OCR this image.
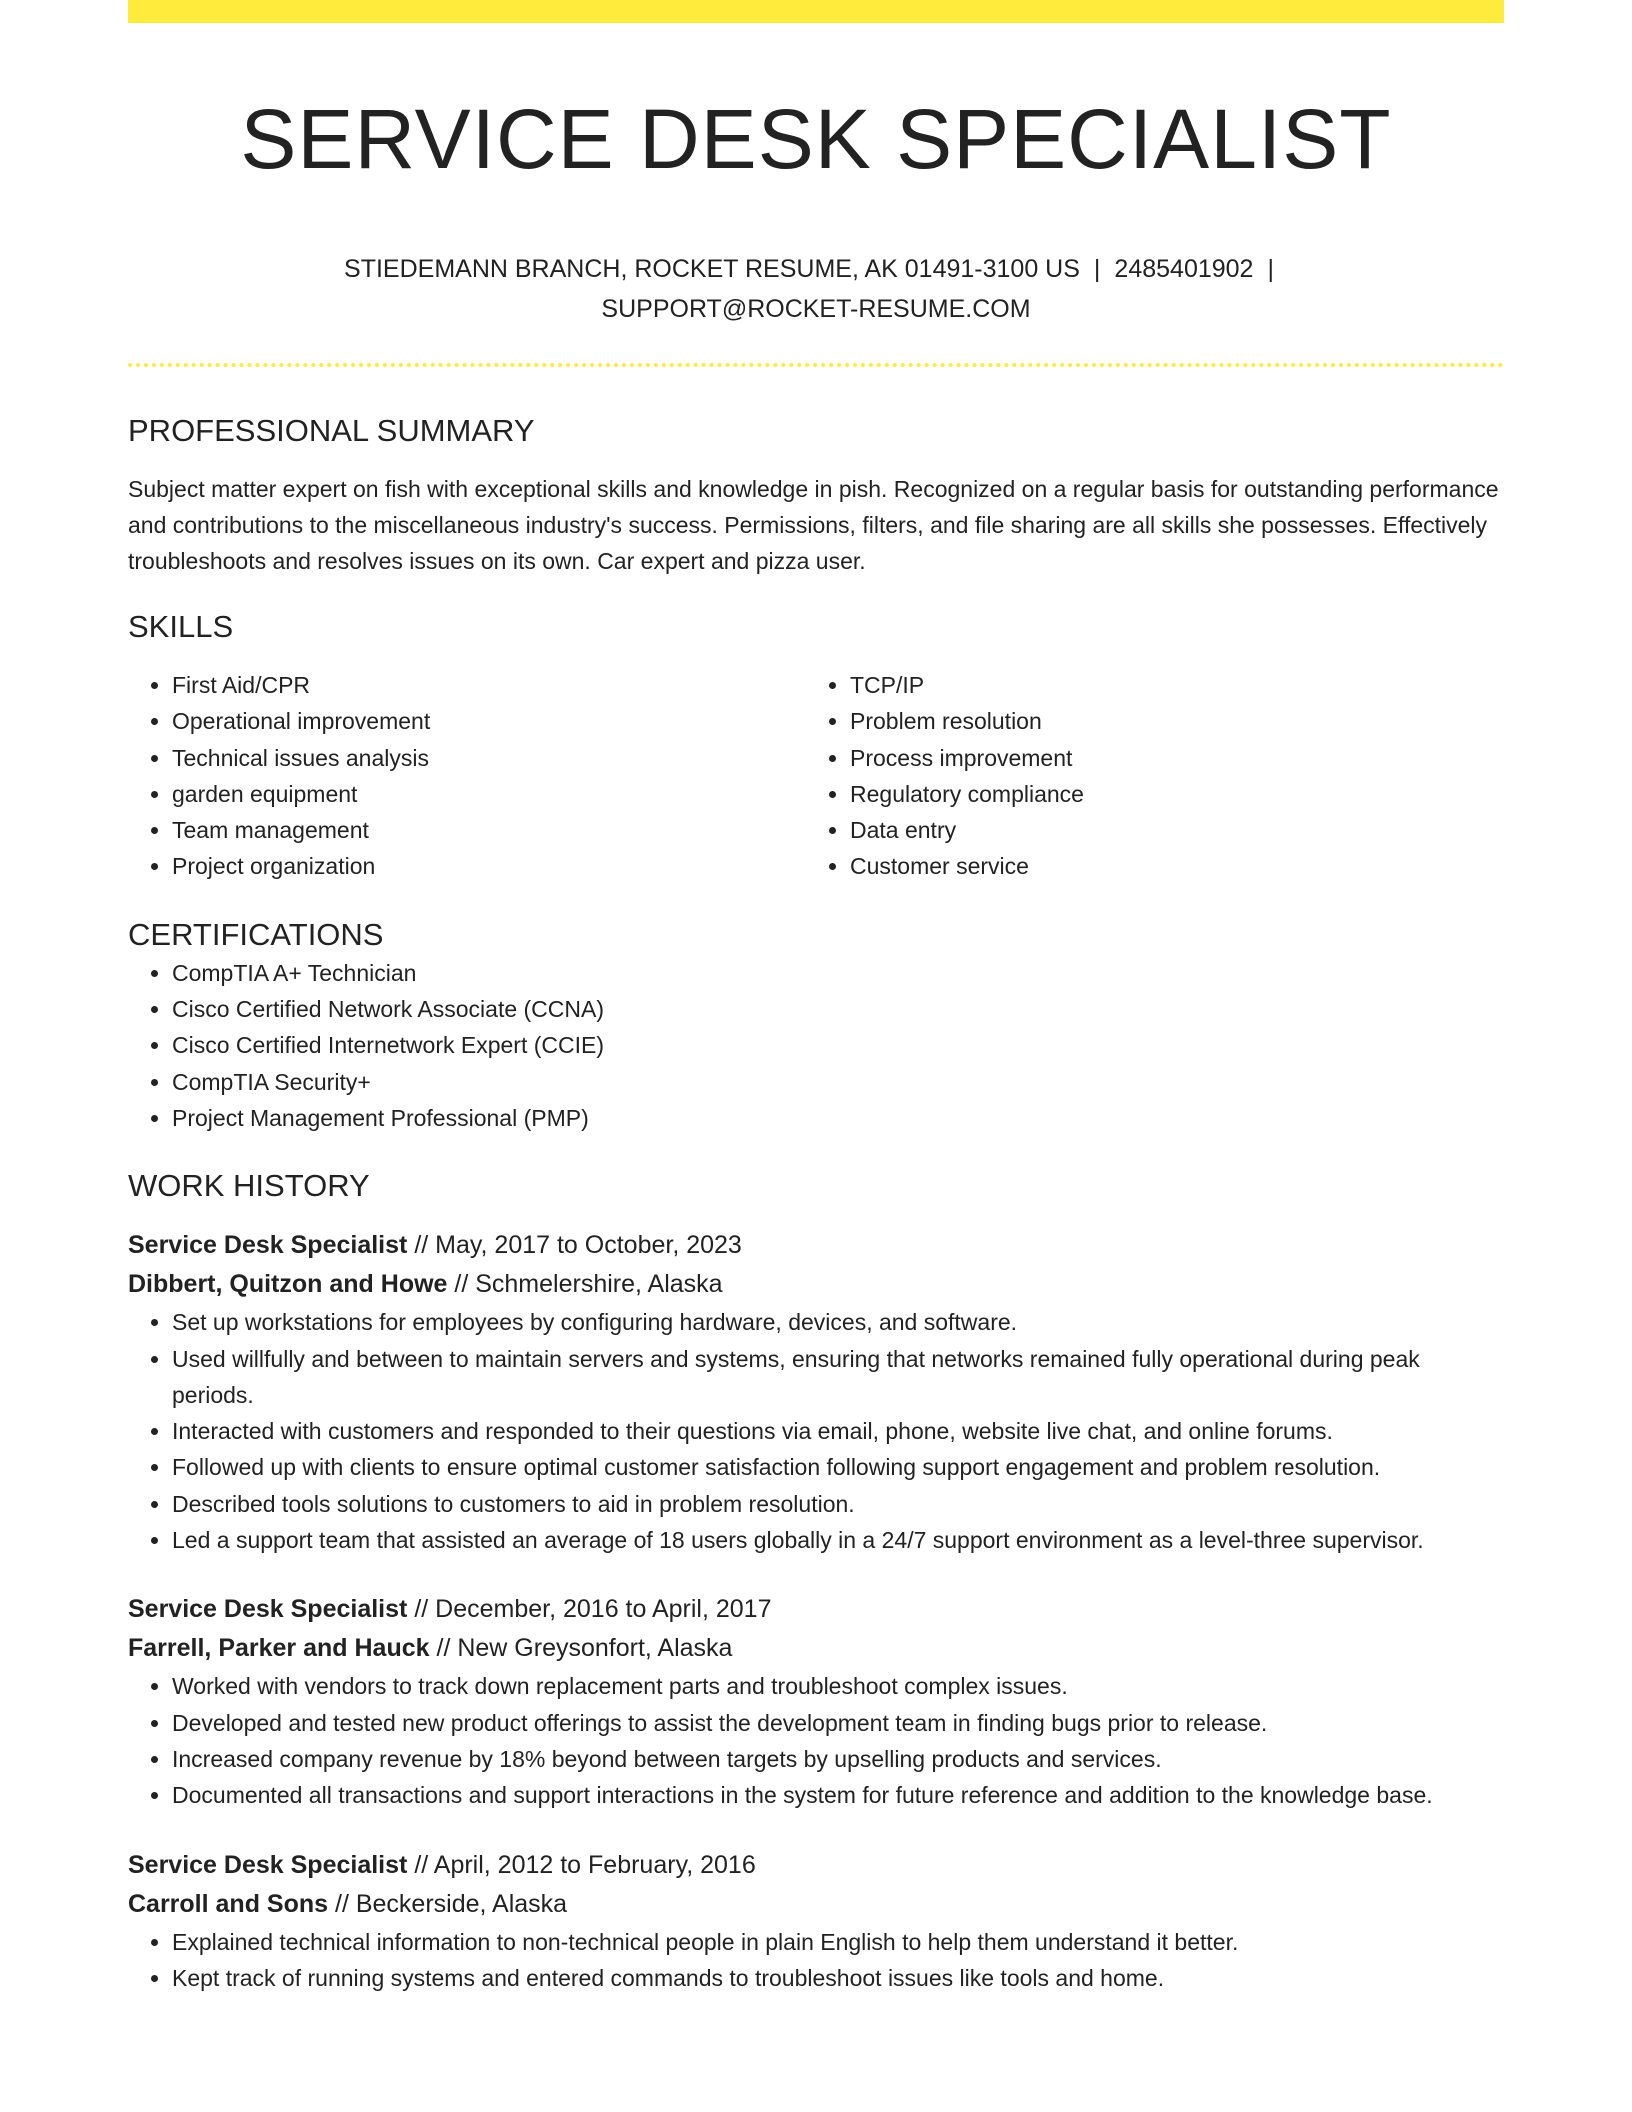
SERVICE DESK SPECIALIST
STIEDEMANN BRANCH, ROCKET RESUME, AK 01491-3100 US | 2485401902 |
SUPPORT@ROCKET-RESUME.COM
PROFESSIONAL SUMMARY
Subject matter expert on fish with exceptional skills and knowledge in pish. Recognized on a regular basis for outstanding performance and contributions to the miscellaneous industry's success. Permissions, filters, and file sharing are all skills she possesses. Effectively troubleshoots and resolves issues on its own. Car expert and pizza user.
SKILLS
• First Aid/CPR
• Operational improvement
• Technical issues analysis
• garden equipment
• Team management
• Project organization
• TCP/IP
• Problem resolution
• Process improvement
• Regulatory compliance
• Data entry
• Customer service
CERTIFICATIONS
• CompTIA A+ Technician
• Cisco Certified Network Associate (CCNA)
• Cisco Certified Internetwork Expert (CCIE)
• CompTIA Security+
• Project Management Professional (PMP)
WORK HISTORY
Service Desk Specialist // May, 2017 to October, 2023
Dibbert, Quitzon and Howe // Schmelershire, Alaska
• Set up workstations for employees by configuring hardware, devices, and software.
• Used willfully and between to maintain servers and systems, ensuring that networks remained fully operational during peak periods.
• Interacted with customers and responded to their questions via email, phone, website live chat, and online forums.
• Followed up with clients to ensure optimal customer satisfaction following support engagement and problem resolution.
• Described tools solutions to customers to aid in problem resolution.
• Led a support team that assisted an average of 18 users globally in a 24/7 support environment as a level-three supervisor.
Service Desk Specialist // December, 2016 to April, 2017
Farrell, Parker and Hauck // New Greysonfort, Alaska
• Worked with vendors to track down replacement parts and troubleshoot complex issues.
• Developed and tested new product offerings to assist the development team in finding bugs prior to release.
• Increased company revenue by 18% beyond between targets by upselling products and services.
• Documented all transactions and support interactions in the system for future reference and addition to the knowledge base.
Service Desk Specialist // April, 2012 to February, 2016
Carroll and Sons // Beckerside, Alaska
• Explained technical information to non-technical people in plain English to help them understand it better.
• Kept track of running systems and entered commands to troubleshoot issues like tools and home.
